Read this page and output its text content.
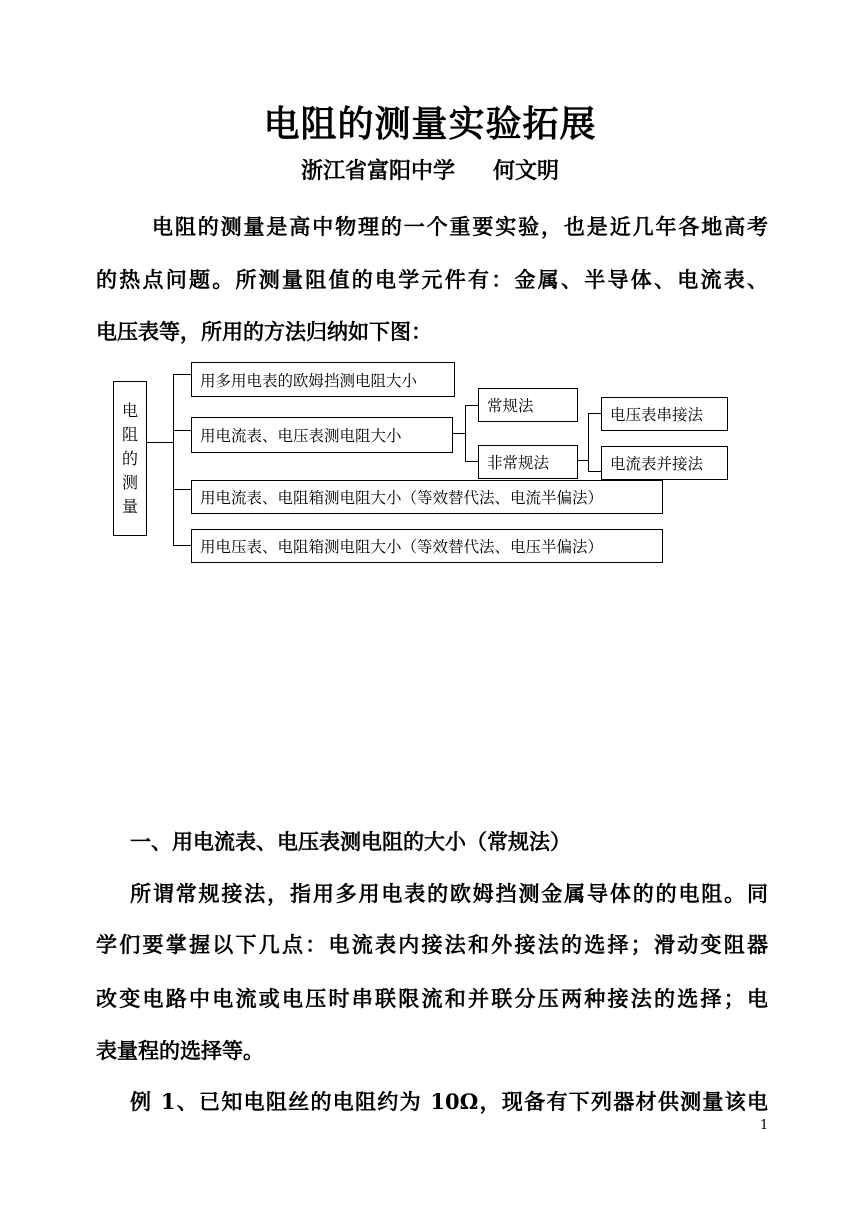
电阻的测量实验拓展
浙江省富阳中学 何文明
电阻的测量是高中物理的一个重要实验，也是近几年各地高考
的热点问题。所测量阻值的电学元件有：金属、半导体、电流表、
电压表等，所用的方法归纳如下图：
电
阻
的
测
量
用多用电表的欧姆挡测电阻大小
用电流表、电压表测电阻大小
常规法
非常规法
电压表串接法
电流表并接法
用电流表、电阻箱测电阻大小（等效替代法、电流半偏法）
用电压表、电阻箱测电阻大小（等效替代法、电压半偏法）
一、用电流表、电压表测电阻的大小（常规法）
所谓常规接法，指用多用电表的欧姆挡测金属导体的的电阻。同
学们要掌握以下几点：电流表内接法和外接法的选择；滑动变阻器
改变电路中电流或电压时串联限流和并联分压两种接法的选择；电
表量程的选择等。
例 1、已知电阻丝的电阻约为 10Ω，现备有下列器材供测量该电
1
